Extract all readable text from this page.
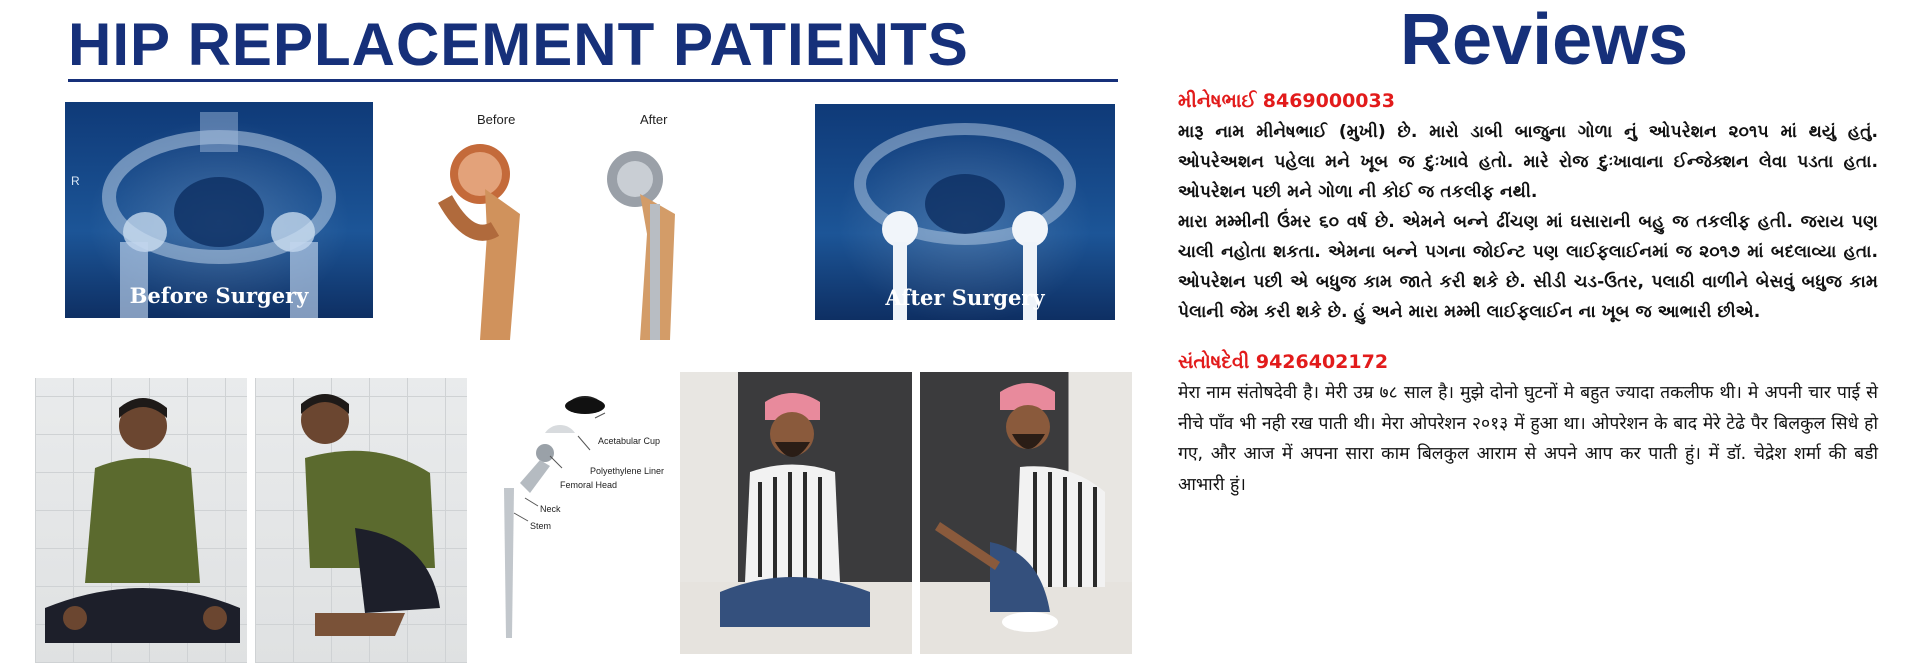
HIP REPLACEMENT PATIENTS	Reviews
R
Before Surgery
Before	After
After Surgery
Acetabular Cup
Polyethylene Liner
Femoral Head
Neck
Stem
મીનેષભાઈ 8469000033
મારૂ નામ મીનેષભાઈ (મુખી) છે. મારો ડાબી બાજુના ગોળા નું ઓપરેશન ૨૦૧૫ માં થયું હતું. ઓપરેઅશન પહેલા મને ખૂબ જ દુઃખાવે હતો. મારે રોજ દુઃખાવાના ઈન્જેક્શન લેવા પડતા હતા. ઓપરેશન પછી મને ગોળા ની કોઈ જ તકલીફ નથી.
મારા મમ્મીની ઉંમર ૬૦ વર્ષ છે. એમને બન્ને ઢીંચણ માં ઘસારાની બહુ જ તકલીફ હતી. જરાય પણ ચાલી નહોતા શકતા. એમના બન્ને પગના જોઈન્ટ પણ લાઈફલાઈનમાં જ ૨૦૧૭ માં બદલાવ્યા હતા. ઓપરેશન પછી એ બધુજ કામ જાતે કરી શકે છે. સીડી ચડ-ઉતર, પલાઠી વાળીને બેસવું બધુજ કામ પેલાની જેમ કરી શકે છે. હું અને મારા મમ્મી લાઈફલાઈન ના ખૂબ જ આભારી છીએ.
સંતોષદેવી 9426402172
मेरा नाम संतोषदेवी है। मेरी उम्र ७८ साल है। मुझे दोनो घुटनों मे बहुत ज्यादा तकलीफ थी। मे अपनी चार पाई से नीचे पाँव भी नही रख पाती थी। मेरा ओपरेशन २०१३ में हुआ था। ओपरेशन के बाद मेरे टेढे पैर बिलकुल सिधे हो गए, और आज में अपना सारा काम बिलकुल आराम से अपने आप कर पाती हुं। में डॉ. चेद्रेश शर्मा की बडी आभारी हुं।
